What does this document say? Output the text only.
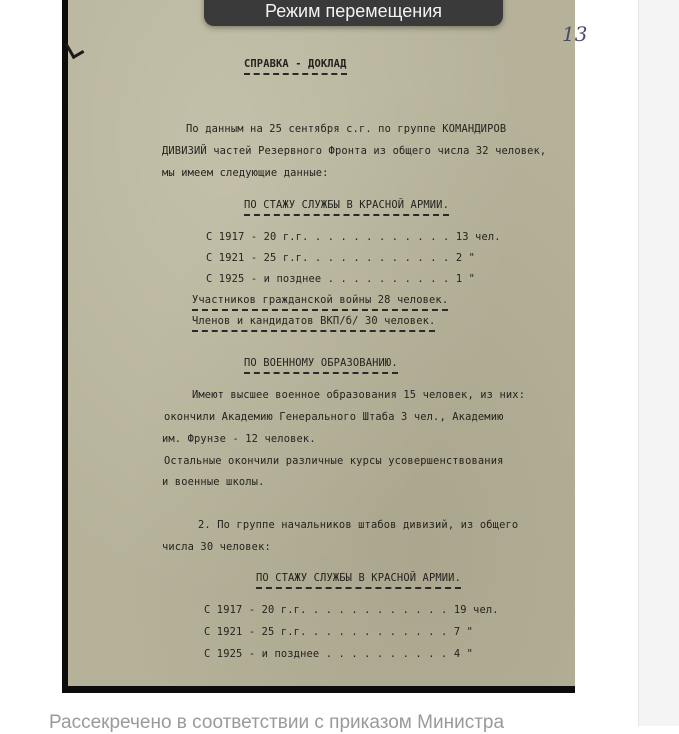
13
СПРАВКА - ДОКЛАД
По данным на 25 сентября с.г. по группе КОМАНДИРОВ
ДИВИЗИЙ частей Резервного Фронта из общего числа 32 человек,
мы имеем следующие данные:
ПО СТАЖУ СЛУЖБЫ В КРАСНОЙ АРМИИ.
С 1917 - 20 г.г. . . . . . . . . . . . 13 чел.
С 1921 - 25 г.г. . . . . . . . . . . . 2 "
С 1925 - и позднее . . . . . . . . . . 1 "
Участников гражданской войны 28 человек.
Членов и кандидатов ВКП/б/ 30 человек.
ПО ВОЕННОМУ ОБРАЗОВАНИЮ.
Имеют высшее военное образования 15 человек, из них:
окончили Академию Генерального Штаба 3 чел., Академию
им. Фрунзе - 12 человек.
Остальные окончили различные курсы усовершенствования
и военные школы.
2. По группе начальников штабов дивизий, из общего
числа 30 человек:
ПО СТАЖУ СЛУЖБЫ В КРАСНОЙ АРМИИ.
С 1917 - 20 г.г. . . . . . . . . . . . 19 чел.
С 1921 - 25 г.г. . . . . . . . . . . . 7 "
С 1925 - и позднее . . . . . . . . . . 4 "
Режим перемещения
Рассекречено в соответствии с приказом Министра
